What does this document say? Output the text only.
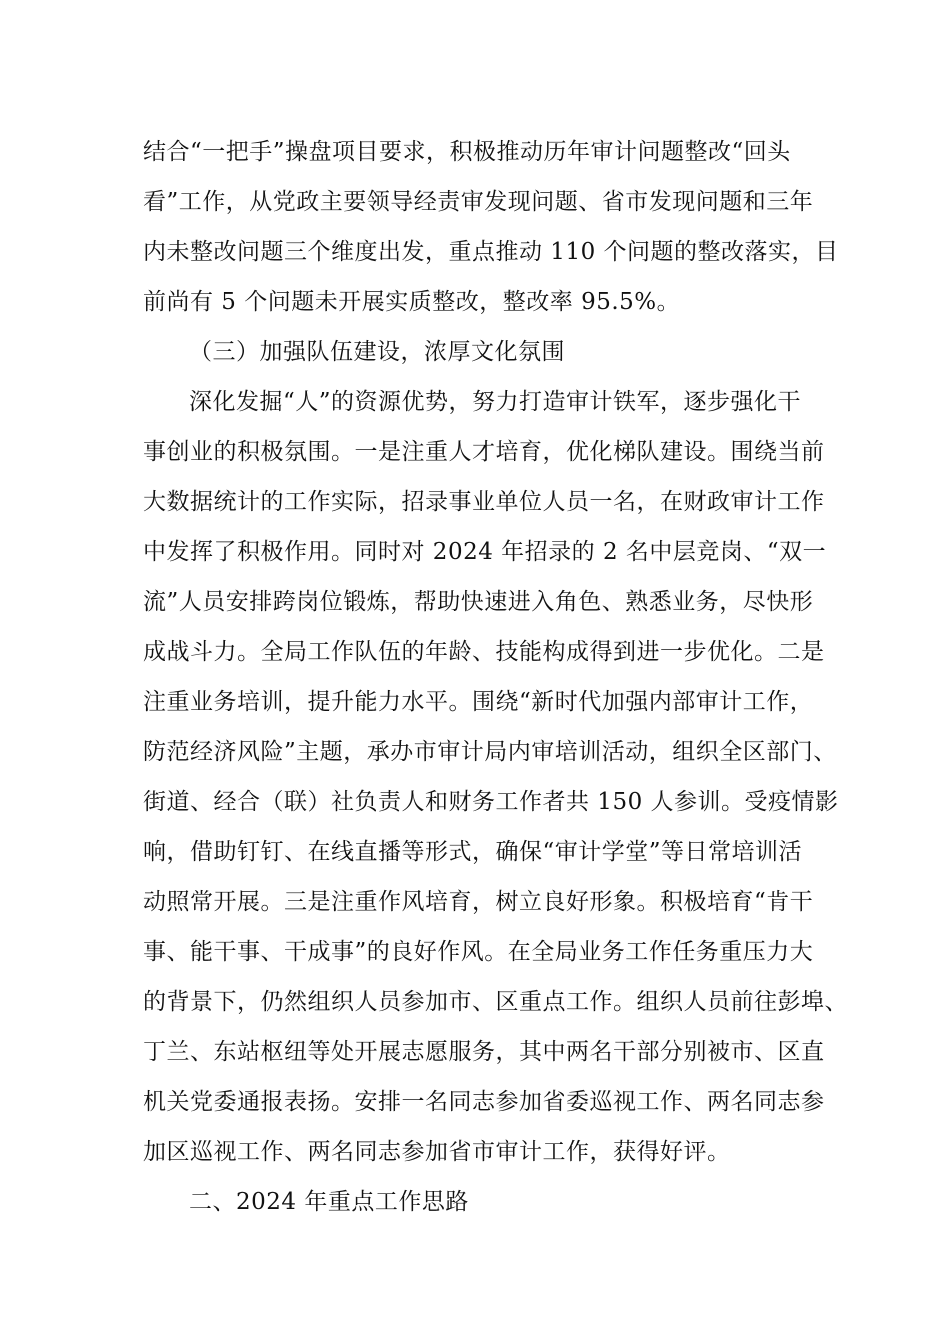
结合“一把手”操盘项目要求，积极推动历年审计问题整改“回头
看”工作，从党政主要领导经责审发现问题、省市发现问题和三年
内未整改问题三个维度出发，重点推动 110 个问题的整改落实，目
前尚有 5 个问题未开展实质整改，整改率 95.5%。
（三）加强队伍建设，浓厚文化氛围
深化发掘“人”的资源优势，努力打造审计铁军，逐步强化干
事创业的积极氛围。一是注重人才培育，优化梯队建设。围绕当前
大数据统计的工作实际，招录事业单位人员一名，在财政审计工作
中发挥了积极作用。同时对 2024 年招录的 2 名中层竞岗、“双一
流”人员安排跨岗位锻炼，帮助快速进入角色、熟悉业务，尽快形
成战斗力。全局工作队伍的年龄、技能构成得到进一步优化。二是
注重业务培训，提升能力水平。围绕“新时代加强内部审计工作，
防范经济风险”主题，承办市审计局内审培训活动，组织全区部门、
街道、经合（联）社负责人和财务工作者共 150 人参训。受疫情影
响，借助钉钉、在线直播等形式，确保“审计学堂”等日常培训活
动照常开展。三是注重作风培育，树立良好形象。积极培育“肯干
事、能干事、干成事”的良好作风。在全局业务工作任务重压力大
的背景下，仍然组织人员参加市、区重点工作。组织人员前往彭埠、
丁兰、东站枢纽等处开展志愿服务，其中两名干部分别被市、区直
机关党委通报表扬。安排一名同志参加省委巡视工作、两名同志参
加区巡视工作、两名同志参加省市审计工作，获得好评。
二、2024 年重点工作思路
